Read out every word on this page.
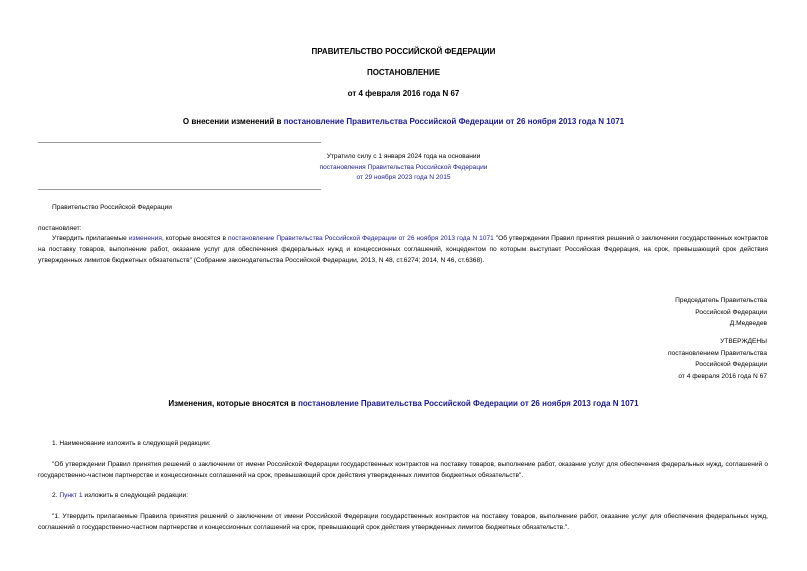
ПРАВИТЕЛЬСТВО РОССИЙСКОЙ ФЕДЕРАЦИИ
ПОСТАНОВЛЕНИЕ
от 4 февраля 2016 года N 67
О внесении изменений в постановление Правительства Российской Федерации от 26 ноября 2013 года N 1071
Утратило силу с 1 января 2024 года на основании
постановления Правительства Российской Федерации
от 29 ноября 2023 года N 2015
Правительство Российской Федерации
постановляет:
Утвердить прилагаемые изменения, которые вносятся в постановление Правительства Российской Федерации от 26 ноября 2013 года N 1071 "Об утверждении Правил принятия решений о заключении государственных контрактов на поставку товаров, выполнение работ, оказание услуг для обеспечения федеральных нужд и концессионных соглашений, концедентом по которым выступает Российская Федерация, на срок, превышающий срок действия утвержденных лимитов бюджетных обязательств" (Собрание законодательства Российской Федерации, 2013, N 48, ст.6274; 2014, N 46, ст.6368).
Председатель Правительства
Российской Федерации
Д.Медведев
УТВЕРЖДЕНЫ
постановлением Правительства
Российской Федерации
от 4 февраля 2016 года N 67
Изменения, которые вносятся в постановление Правительства Российской Федерации от 26 ноября 2013 года N 1071
1. Наименование изложить в следующей редакции:
"Об утверждении Правил принятия решений о заключении от имени Российской Федерации государственных контрактов на поставку товаров, выполнение работ, оказание услуг для обеспечения федеральных нужд, соглашений о государственно-частном партнерстве и концессионных соглашений на срок, превышающий срок действия утвержденных лимитов бюджетных обязательств".
2. Пункт 1 изложить в следующей редакции:
"1. Утвердить прилагаемые Правила принятия решений о заключении от имени Российской Федерации государственных контрактов на поставку товаров, выполнение работ, оказание услуг для обеспечения федеральных нужд, соглашений о государственно-частном партнерстве и концессионных соглашений на срок, превышающий срок действия утвержденных лимитов бюджетных обязательств.".
